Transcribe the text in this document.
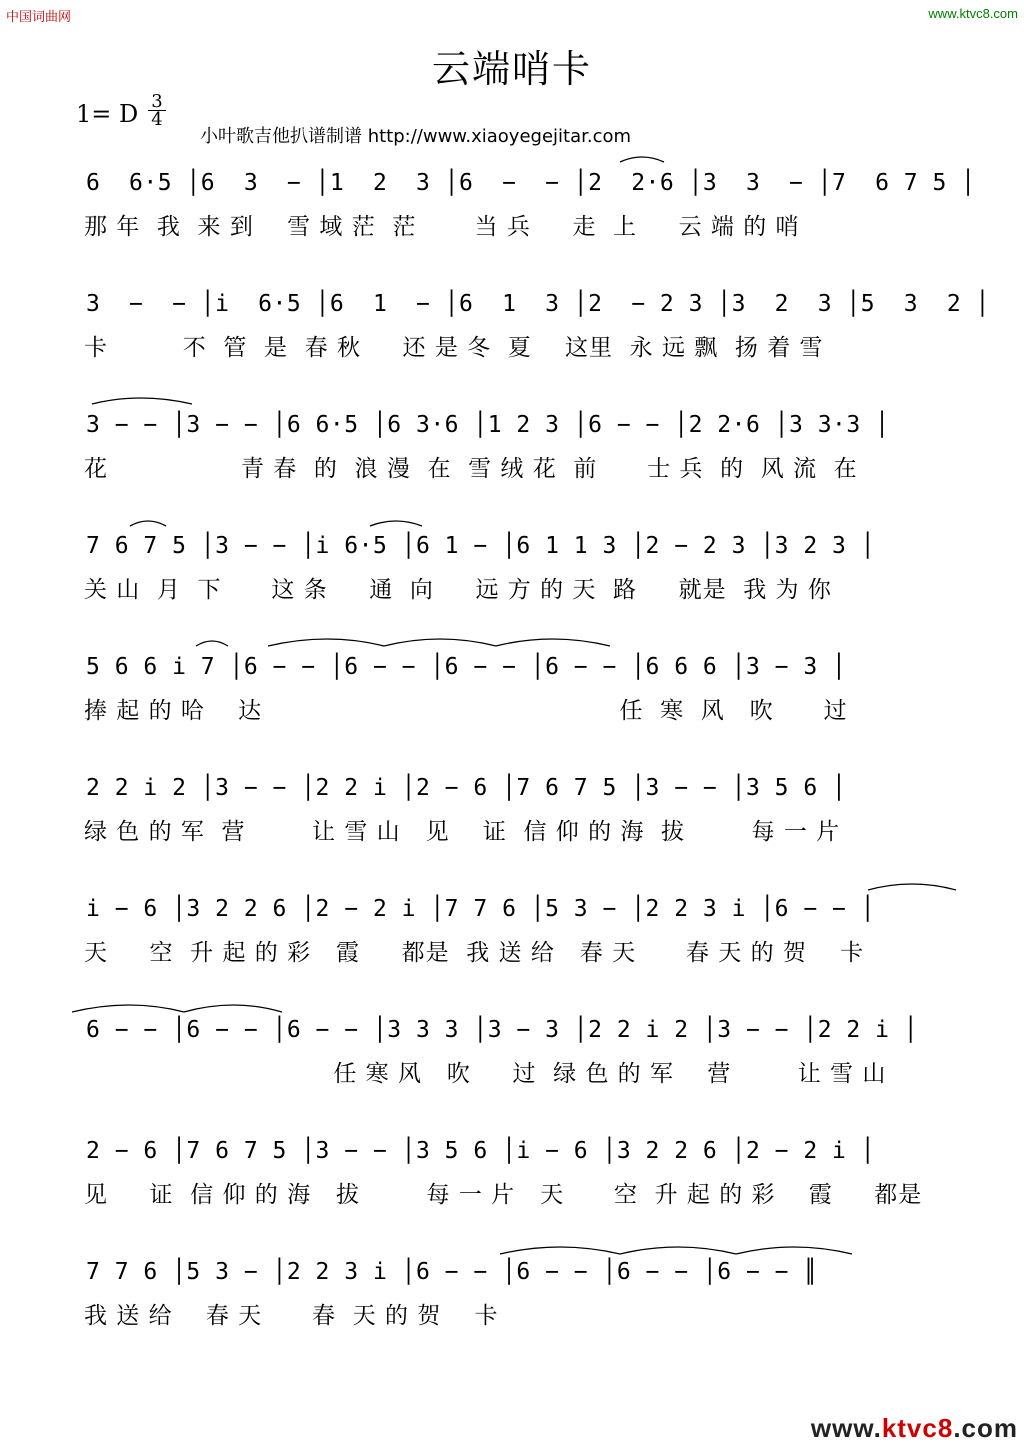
中国词曲网	www.ktvc8.com
云端哨卡
1= D 3
4
小叶歌吉他扒谱制谱 http://www.xiaoyegejitar.com
6  6·5 │6  3  − │1  2  3 │6  −  − │2  2·6 │3  3  − │7  6 7 5 │
那 年  我  来 到    雪 域 茫  茫       当 兵     走  上     云 端 的 哨
3  −  − │i  6·5 │6  1  − │6  1  3 │2  − 2 3 │3  2  3 │5  3  2 │
卡         不  管  是  春 秋     还 是 冬  夏    这里  永 远 飘  扬 着 雪
3 − − │3 − − │6 6·5 │6 3·6 │1 2 3 │6 − − │2 2·6 │3 3·3 │
花                青 春  的  浪 漫  在  雪 绒 花  前      士 兵  的  风 流  在
7 6 7 5 │3 − − │i 6·5 │6 1 − │6 1 1 3 │2 − 2 3 │3 2 3 │
关 山  月  下      这 条     通  向     远 方 的 天  路     就是  我 为 你
5 6 6 i 7 │6 − − │6 − − │6 − − │6 − − │6 6 6 │3 − 3 │
捧 起 的 哈    达                                           任  寒  风   吹      过
2 2 i 2 │3 − − │2 2 i │2 − 6 │7 6 7 5 │3 − − │3 5 6 │
绿 色 的 军  营        让 雪 山   见    证  信 仰 的 海  拔        每 一 片
i − 6 │3 2 2 6 │2 − 2 i │7 7 6 │5 3 − │2 2 3 i │6 − − │
天     空  升 起 的 彩   霞     都是  我 送 给   春 天      春 天 的 贺    卡
6 − − │6 − − │6 − − │3 3 3 │3 − 3 │2 2 i 2 │3 − − │2 2 i │
任 寒 风   吹     过  绿 色 的 军    营        让 雪 山
2 − 6 │7 6 7 5 │3 − − │3 5 6 │i − 6 │3 2 2 6 │2 − 2 i │
见     证  信 仰 的 海   拔        每 一 片   天      空  升 起 的 彩    霞     都是
7 7 6 │5 3 − │2 2 3 i │6 − − │6 − − │6 − − │6 − − ║
我 送 给    春 天      春  天 的 贺    卡
www.ktvc8.com
